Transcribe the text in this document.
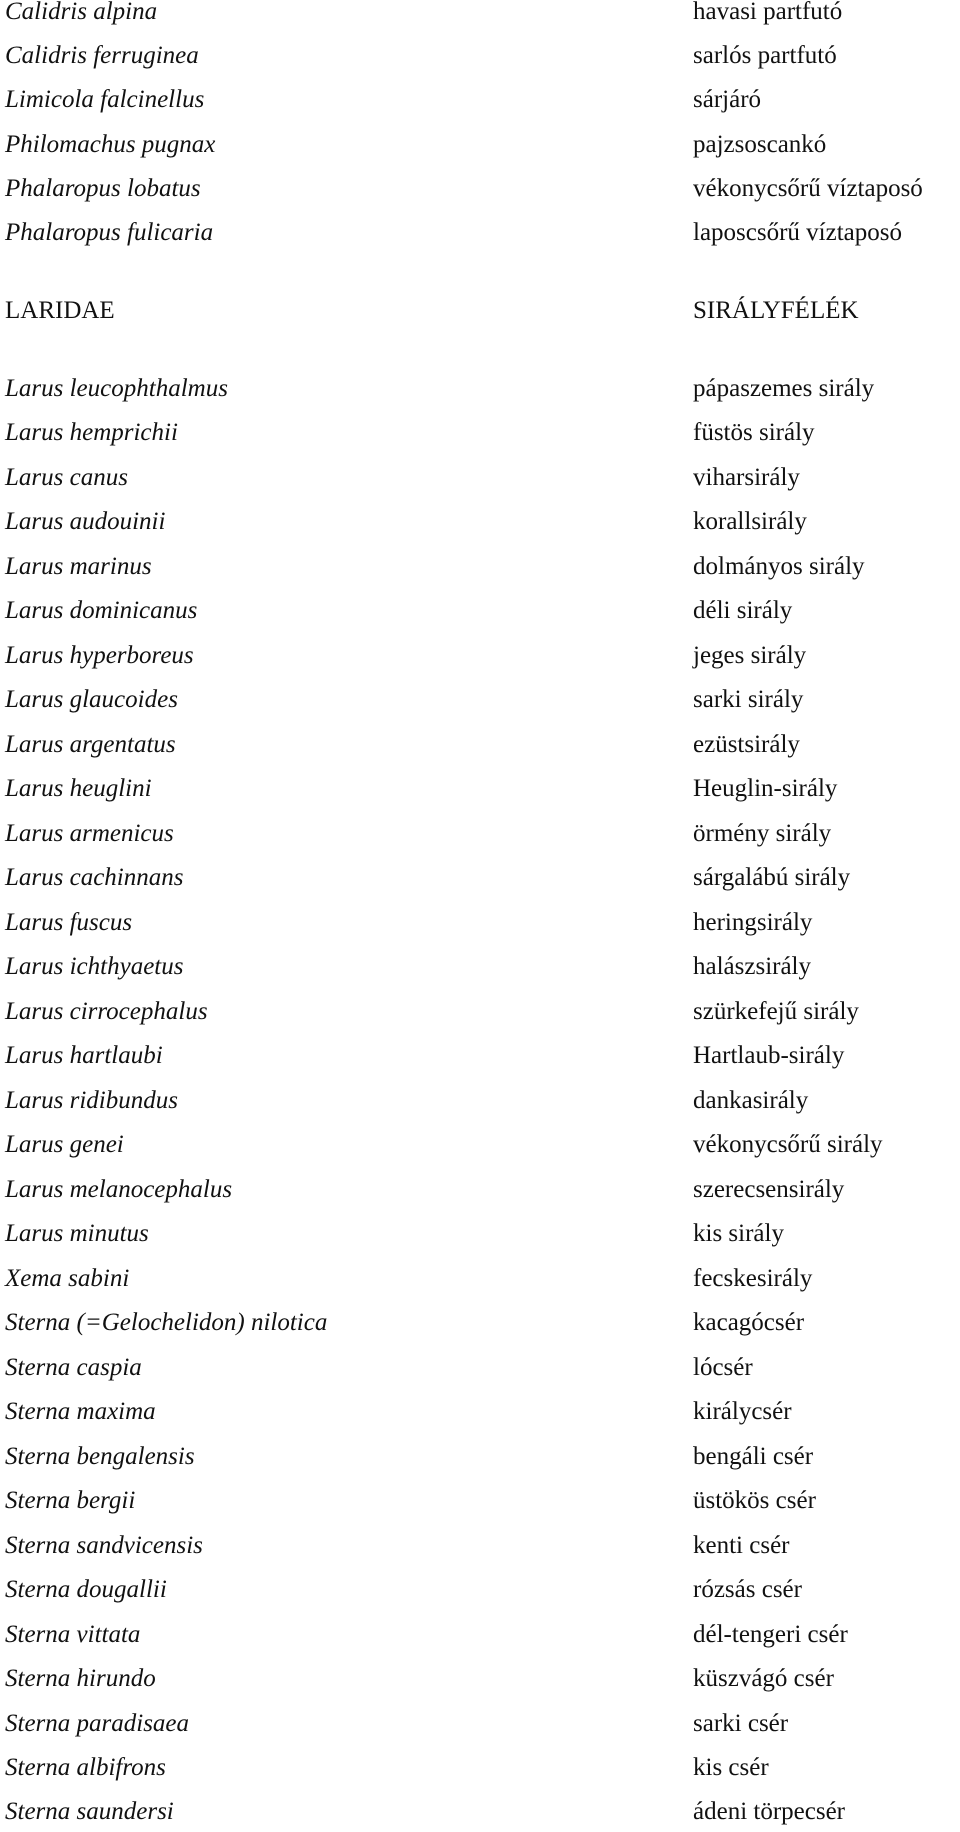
Calidris alpina	havasi partfutó
Calidris ferruginea	sarlós partfutó
Limicola falcinellus	sárjáró
Philomachus pugnax	pajzsoscankó
Phalaropus lobatus	vékonycsőrű víztaposó
Phalaropus fulicaria	laposcsőrű víztaposó
LARIDAE	SIRÁLYFÉLÉK
Larus leucophthalmus	pápaszemes sirály
Larus hemprichii	füstös sirály
Larus canus	viharsirály
Larus audouinii	korallsirály
Larus marinus	dolmányos sirály
Larus dominicanus	déli sirály
Larus hyperboreus	jeges sirály
Larus glaucoides	sarki sirály
Larus argentatus	ezüstsirály
Larus heuglini	Heuglin-sirály
Larus armenicus	örmény sirály
Larus cachinnans	sárgalábú sirály
Larus fuscus	heringsirály
Larus ichthyaetus	halászsirály
Larus cirrocephalus	szürkefejű sirály
Larus hartlaubi	Hartlaub-sirály
Larus ridibundus	dankasirály
Larus genei	vékonycsőrű sirály
Larus melanocephalus	szerecsensirály
Larus minutus	kis sirály
Xema sabini	fecskesirály
Sterna (=Gelochelidon) nilotica	kacagócsér
Sterna caspia	lócsér
Sterna maxima	királycsér
Sterna bengalensis	bengáli csér
Sterna bergii	üstökös csér
Sterna sandvicensis	kenti csér
Sterna dougallii	rózsás csér
Sterna vittata	dél-tengeri csér
Sterna hirundo	küszvágó csér
Sterna paradisaea	sarki csér
Sterna albifrons	kis csér
Sterna saundersi	ádeni törpecsér
